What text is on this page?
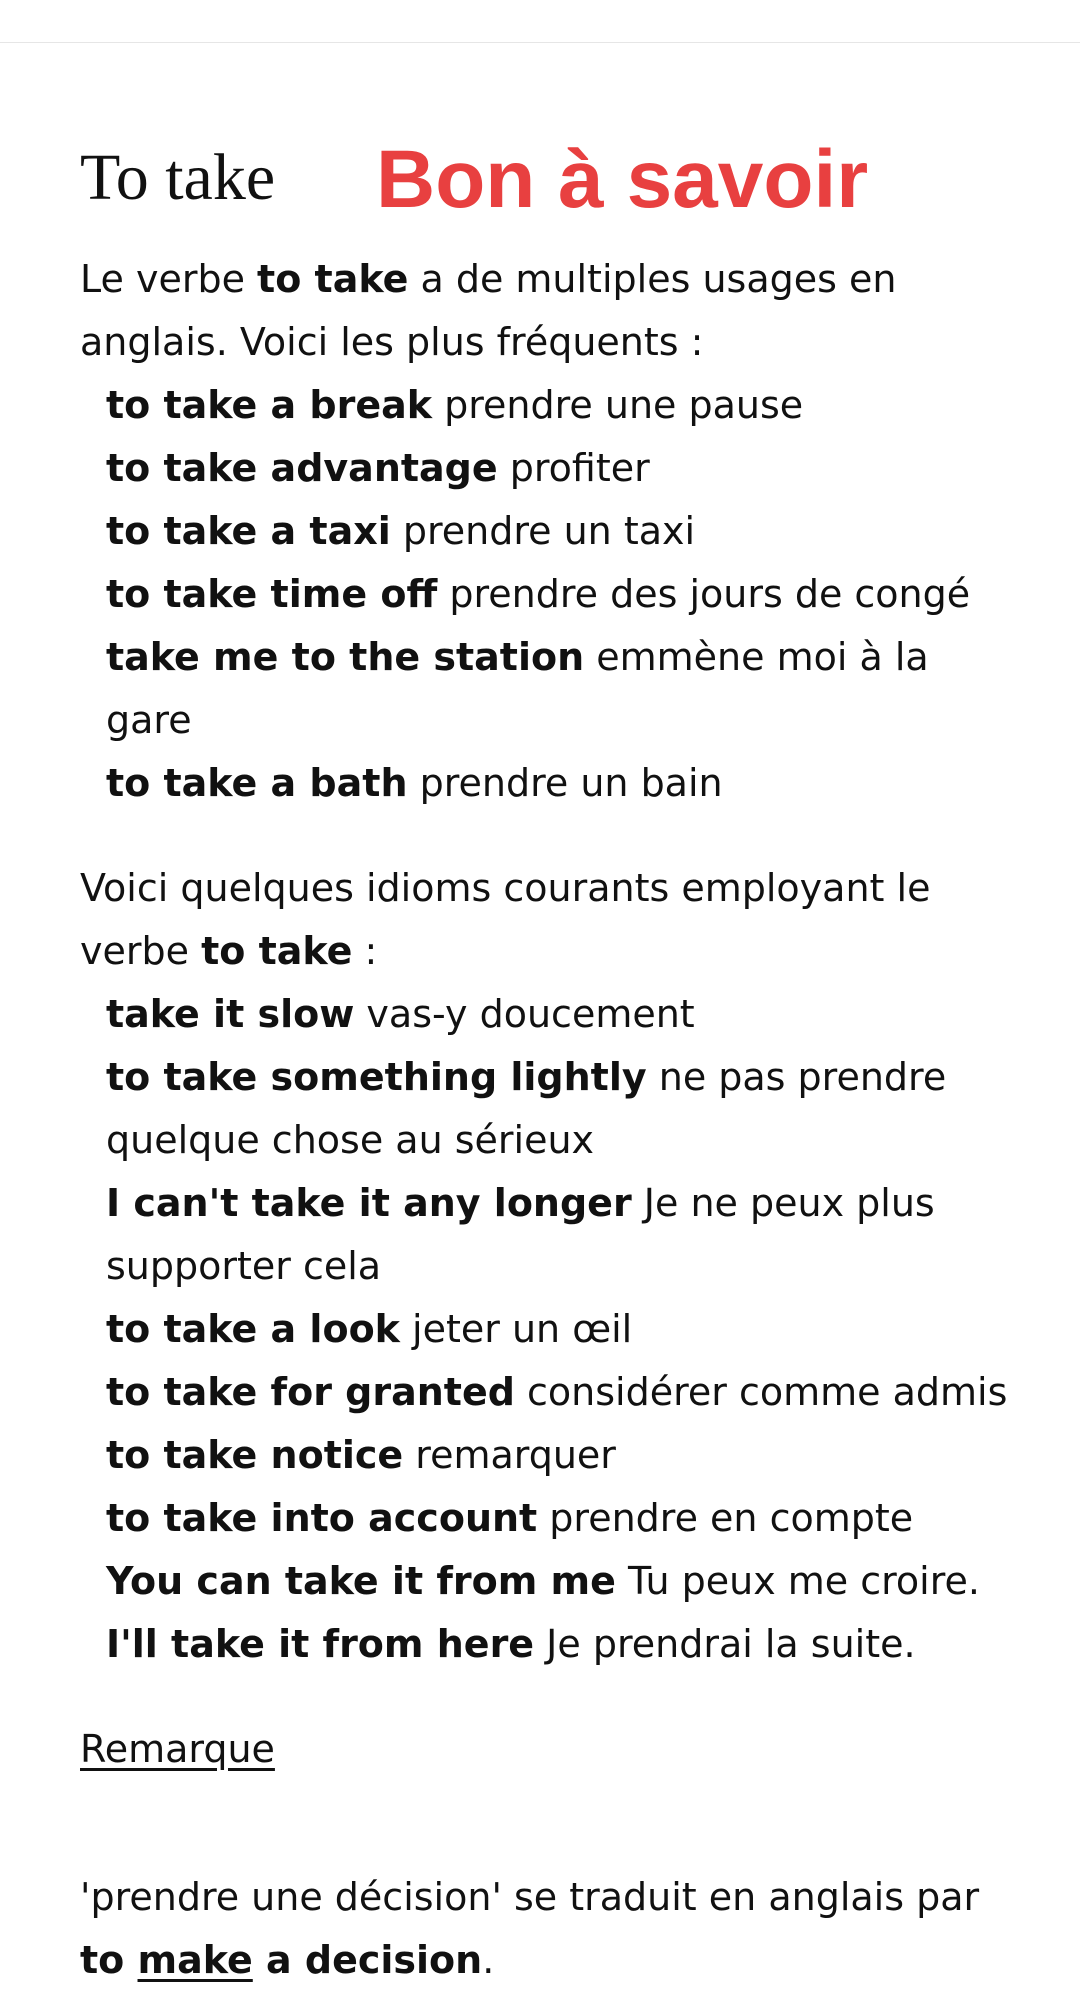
To take Bon à savoir

Le verbe to take a de multiples usages en anglais. Voici les plus fréquents :

to take a break prendre une pause
to take advantage profiter
to take a taxi prendre un taxi
to take time off prendre des jours de congé
take me to the station emmène moi à la gare
to take a bath prendre un bain

Voici quelques idioms courants employant le verbe to take :

take it slow vas-y doucement
to take something lightly ne pas prendre quelque chose au sérieux
I can't take it any longer Je ne peux plus supporter cela
to take a look jeter un œil
to take for granted considérer comme admis
to take notice remarquer
to take into account prendre en compte
You can take it from me Tu peux me croire.
I'll take it from here Je prendrai la suite.

Remarque

'prendre une décision' se traduit en anglais par to make a decision.
